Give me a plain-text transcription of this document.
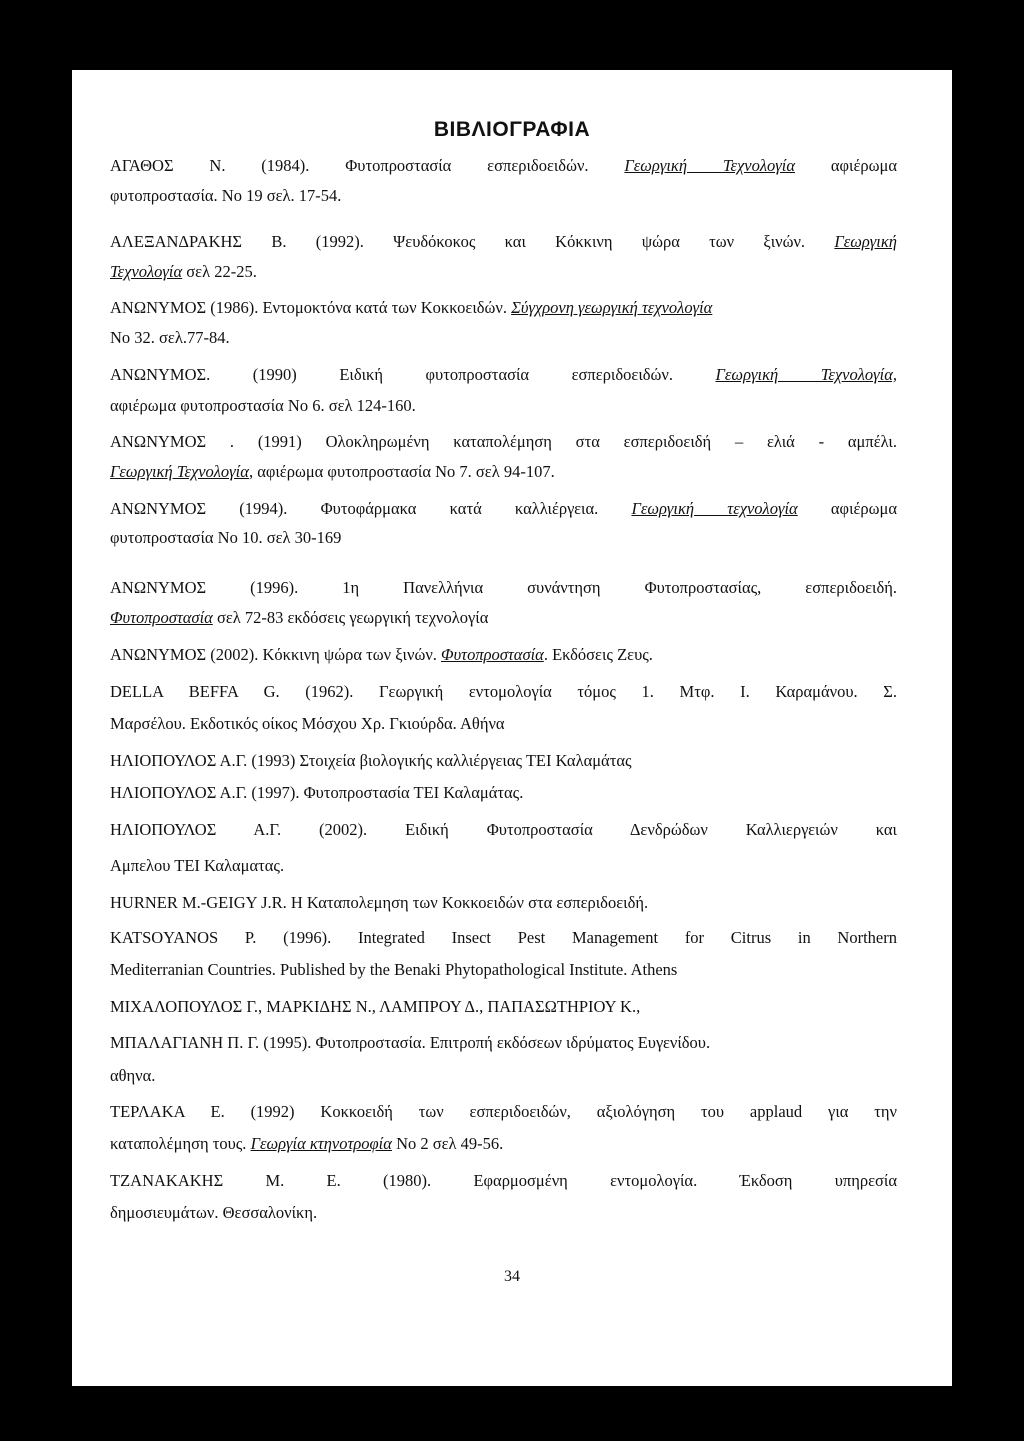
ΒΙΒΛΙΟΓΡΑΦΙΑ
ΑΓΑΘΟΣ Ν. (1984). Φυτοπροστασία εσπεριδοειδών. Γεωργική Τεχνολογία αφιέρωμα
φυτοπροστασία. Νο 19 σελ. 17-54.
ΑΛΕΞΑΝΔΡΑΚΗΣ Β. (1992). Ψευδόκοκος και Κόκκινη ψώρα των ξινών. Γεωργική
Τεχνολογία σελ 22-25.
ΑΝΩΝΥΜΟΣ (1986). Εντομοκτόνα κατά των Κοκκοειδών. Σύγχρονη γεωργική τεχνολογία
Νο 32. σελ.77-84.
ΑΝΩΝΥΜΟΣ. (1990) Ειδική φυτοπροστασία εσπεριδοειδών. Γεωργική Τεχνολογία,
αφιέρωμα φυτοπροστασία Νο 6. σελ 124-160.
ΑΝΩΝΥΜΟΣ . (1991) Ολοκληρωμένη καταπολέμηση στα εσπεριδοειδή – ελιά - αμπέλι.
Γεωργική Τεχνολογία, αφιέρωμα φυτοπροστασία Νο 7. σελ 94-107.
ΑΝΩΝΥΜΟΣ (1994). Φυτοφάρμακα κατά καλλιέργεια. Γεωργική τεχνολογία αφιέρωμα
φυτοπροστασία Νο 10. σελ 30-169
ΑΝΩΝΥΜΟΣ (1996). 1η Πανελλήνια συνάντηση Φυτοπροστασίας, εσπεριδοειδή.
Φυτοπροστασία σελ 72-83 εκδόσεις γεωργική τεχνολογία
ΑΝΩΝΥΜΟΣ (2002). Κόκκινη ψώρα των ξινών. Φυτοπροστασία. Εκδόσεις Ζευς.
DELLA BEFFA G. (1962). Γεωργική εντομολογία τόμος 1. Μτφ. Ι. Καραμάνου. Σ.
Μαρσέλου. Εκδοτικός οίκος Μόσχου Χρ. Γκιούρδα. Αθήνα
ΗΛΙΟΠΟΥΛΟΣ Α.Γ. (1993) Στοιχεία βιολογικής καλλιέργειας ΤΕΙ Καλαμάτας
ΗΛΙΟΠΟΥΛΟΣ Α.Γ. (1997). Φυτοπροστασία ΤΕΙ Καλαμάτας.
ΗΛΙΟΠΟΥΛΟΣ Α.Γ. (2002). Ειδική Φυτοπροστασία Δενδρώδων Καλλιεργειών και
Αμπελου ΤΕΙ Καλαματας.
HURNER M.-GEIGY J.R. Η Καταπολεμηση των Κοκκοειδών στα εσπεριδοειδή.
KATSOYANOS P. (1996). Integrated Insect Pest Management for Citrus in Northern
Mediterranian Countries. Published by the Benaki Phytopathological Institute. Athens
ΜΙΧΑΛΟΠΟΥΛΟΣ Γ., ΜΑΡΚΙΔΗΣ Ν., ΛΑΜΠΡΟΥ Δ., ΠΑΠΑΣΩΤΗΡΙΟΥ Κ.,
ΜΠΑΛΑΓΙΑΝΗ Π. Γ. (1995). Φυτοπροστασία. Επιτροπή εκδόσεων ιδρύματος Ευγενίδου.
αθηνα.
ΤΕΡΛΑΚΑ Ε. (1992) Κοκκοειδή των εσπεριδοειδών, αξιολόγηση του applaud για την
καταπολέμηση τους. Γεωργία κτηνοτροφία Νο 2 σελ 49-56.
ΤΖΑΝΑΚΑΚΗΣ Μ. Ε. (1980). Εφαρμοσμένη εντομολογία. Έκδοση υπηρεσία
δημοσιευμάτων. Θεσσαλονίκη.
34
